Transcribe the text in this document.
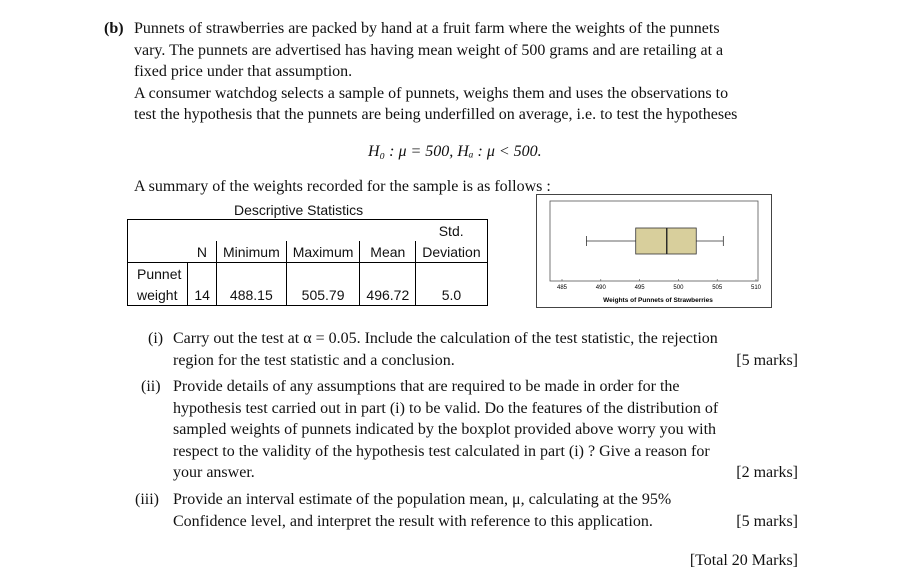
(b) Punnets of strawberries are packed by hand at a fruit farm where the weights of the punnets

vary. The punnets are advertised has having mean weight of 500 grams and are retailing at a

fixed price under that assumption.

A consumer watchdog selects a sample of punnets, weighs them and uses the observations to

test the hypothesis that the punnets are being underfilled on average, i.e. to test the hypotheses

H₀ : μ = 500, Hₐ : μ < 500.
A summary of the weights recorded for the sample is as follows :
Descriptive Statistics
					Std.
	N	Minimum	Maximum	Mean	Deviation
Punnet					
weight	14	488.15	505.79	496.72	5.0	485	490	495	500	505	510
Weights of Punnets of Strawberries
(i) Carry out the test at α = 0.05. Include the calculation of the test statistic, the rejection
region for the test statistic and a conclusion.	[5 marks]
(ii) Provide details of any assumptions that are required to be made in order for the
hypothesis test carried out in part (i) to be valid. Do the features of the distribution of
sampled weights of punnets indicated by the boxplot provided above worry you with
respect to the validity of the hypothesis test calculated in part (i) ? Give a reason for
your answer.	[2 marks]
(iii) Provide an interval estimate of the population mean, μ, calculating at the 95%
Confidence level, and interpret the result with reference to this application.	[5 marks]
[Total 20 Marks]
